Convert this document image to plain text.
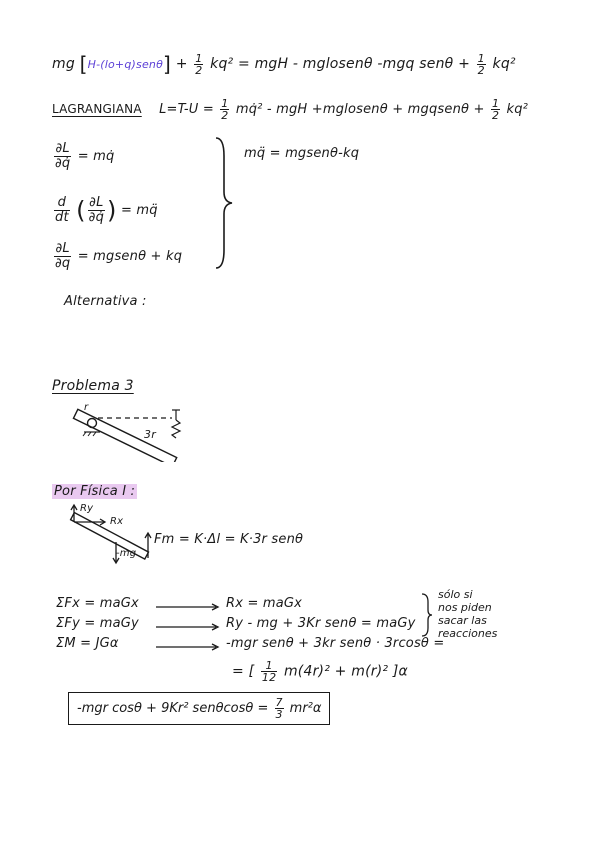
mg $[H-(lo+q)sen\theta] + \frac{1}{2} kq^2$ = mgH - mglosenθ -mgq $sen\theta + \frac{1}{2} kq^2$
LAGRANGIANA $L=T-U = \frac{1}{2}$ mq̇² - mgH +mglosenθ + mgqsenθ + $\frac{1}{2} kq^2$
$\frac{\partial L}{\partial q̇}$ = mq̇
$\frac{d}{dt}$ ( $\frac{\partial L}{\partial q̇}$ ) = mq̈
$\frac{\partial L}{\partial q}$ = mgsenθ + kq
mq̈ = mgsenθ-kq
Alternativa :
Problema 3
r
3r
Por Física I :
Ry
Rx
-mg
Fm = K·Δl = K·3r senθ
ΣFx = maGx	Rx = maGx
ΣFy = maGy	Ry - mg + 3Kr senθ = maGy
ΣM = JGα	-mgr senθ + 3kr senθ · 3rcosθ =
= [ $\frac{1}{12} m(4r)^2 + m(r)^2$ ]α
sólo si
nos piden
sacar las
reacciones
-mgr cosθ + 9Kr² $sen\theta\cos\theta = \frac{7}{3} mr^2\alpha$
